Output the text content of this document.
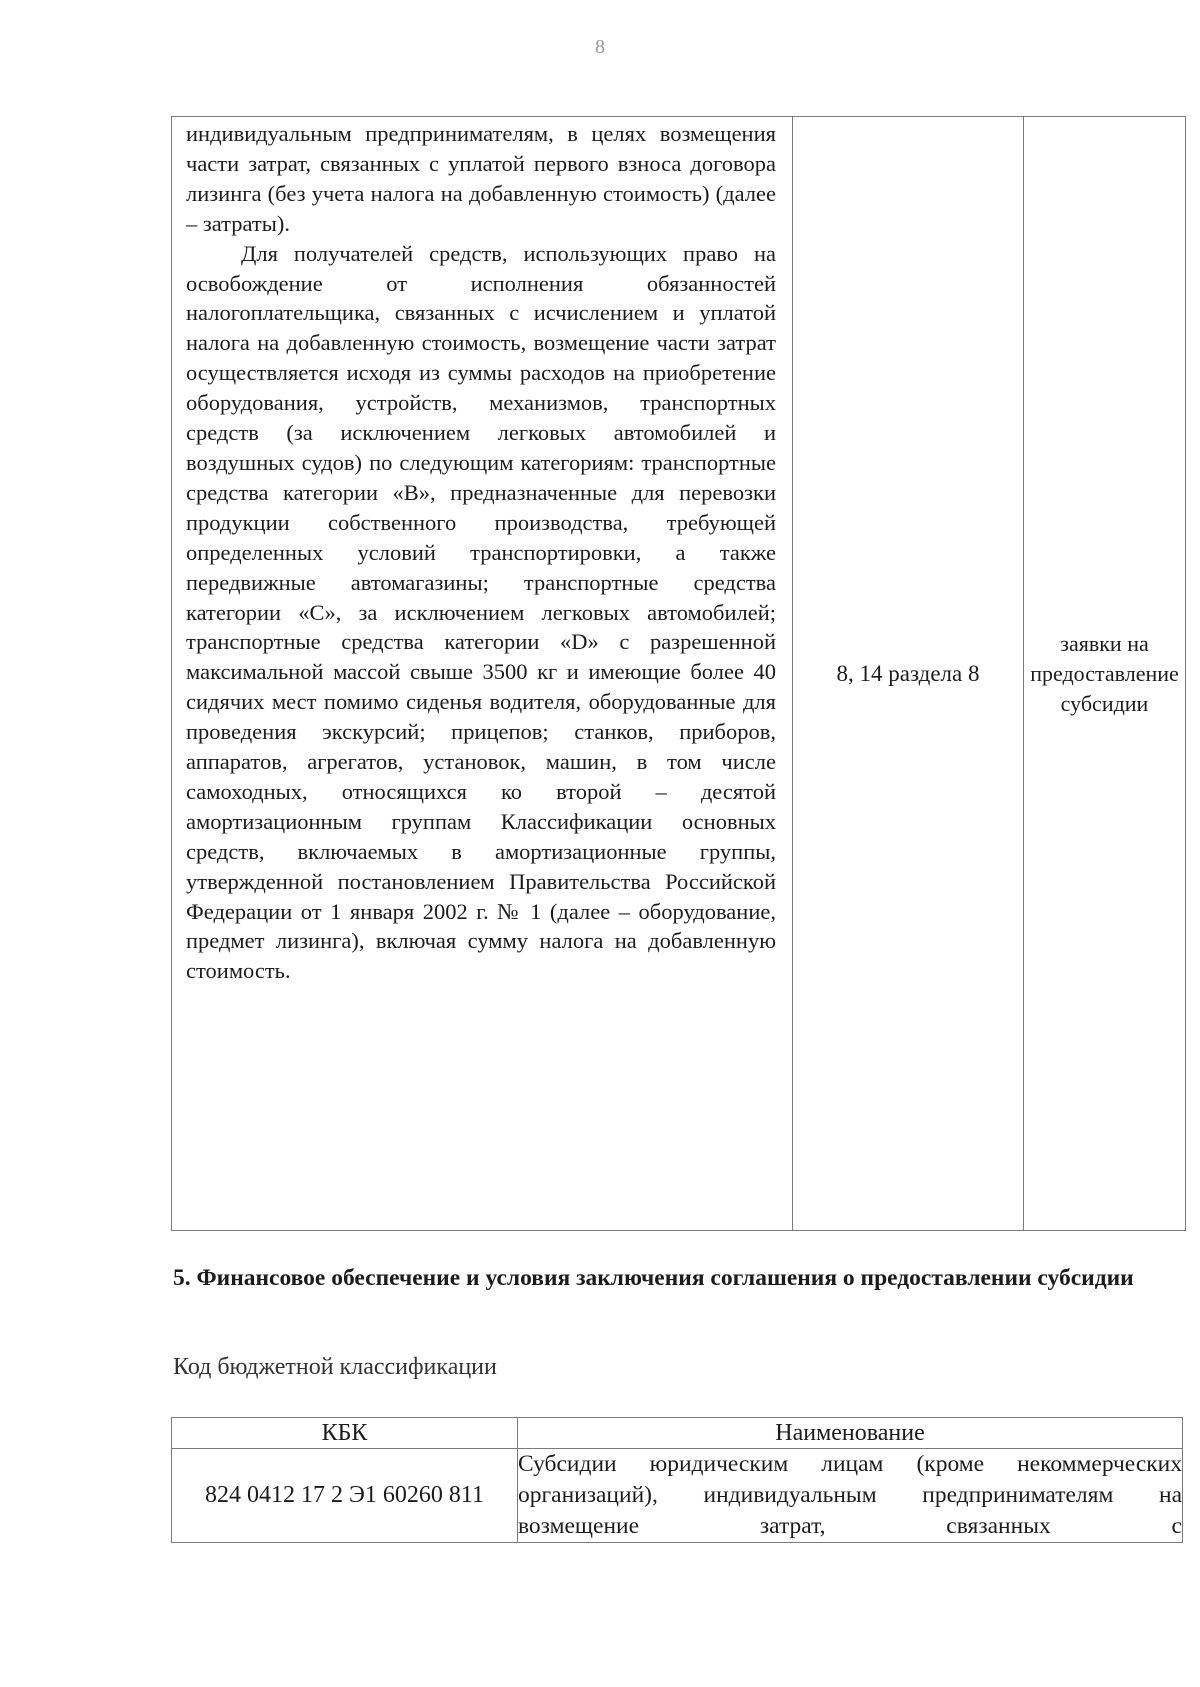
8

индивидуальным предпринимателям, в целях возмещения части затрат, связанных с уплатой первого взноса договора лизинга (без учета налога на добавленную стоимость) (далее – затраты).

Для получателей средств, использующих право на освобождение от исполнения обязанностей налогоплательщика, связанных с исчислением и уплатой налога на добавленную стоимость, возмещение части затрат осуществляется исходя из суммы расходов на приобретение оборудования, устройств, механизмов, транспортных средств (за исключением легковых автомобилей и воздушных судов) по следующим категориям: транспортные средства категории «B», предназначенные для перевозки продукции собственного производства, требующей определенных условий транспортировки, а также передвижные автомагазины; транспортные средства категории «C», за исключением легковых автомобилей; транспортные средства категории «D» с разрешенной максимальной массой свыше 3500 кг и имеющие более 40 сидячих мест помимо сиденья водителя, оборудованные для проведения экскурсий; прицепов; станков, приборов, аппаратов, агрегатов, установок, машин, в том числе самоходных, относящихся ко второй – десятой амортизационным группам Классификации основных средств, включаемых в амортизационные группы, утвержденной постановлением Правительства Российской Федерации от 1 января 2002 г. № 1 (далее – оборудование, предмет лизинга), включая сумму налога на добавленную стоимость.

	8, 14 раздела 8	заявки на предоставление субсидии
5. Финансовое обеспечение и условия заключения соглашения о предоставлении субсидии
Код бюджетной классификации
КБК	Наименование
824 0412 17 2 Э1 60260 811	Субсидии юридическим лицам (кроме некоммерческих организаций), индивидуальным предпринимателям на возмещение затрат, связанных с
